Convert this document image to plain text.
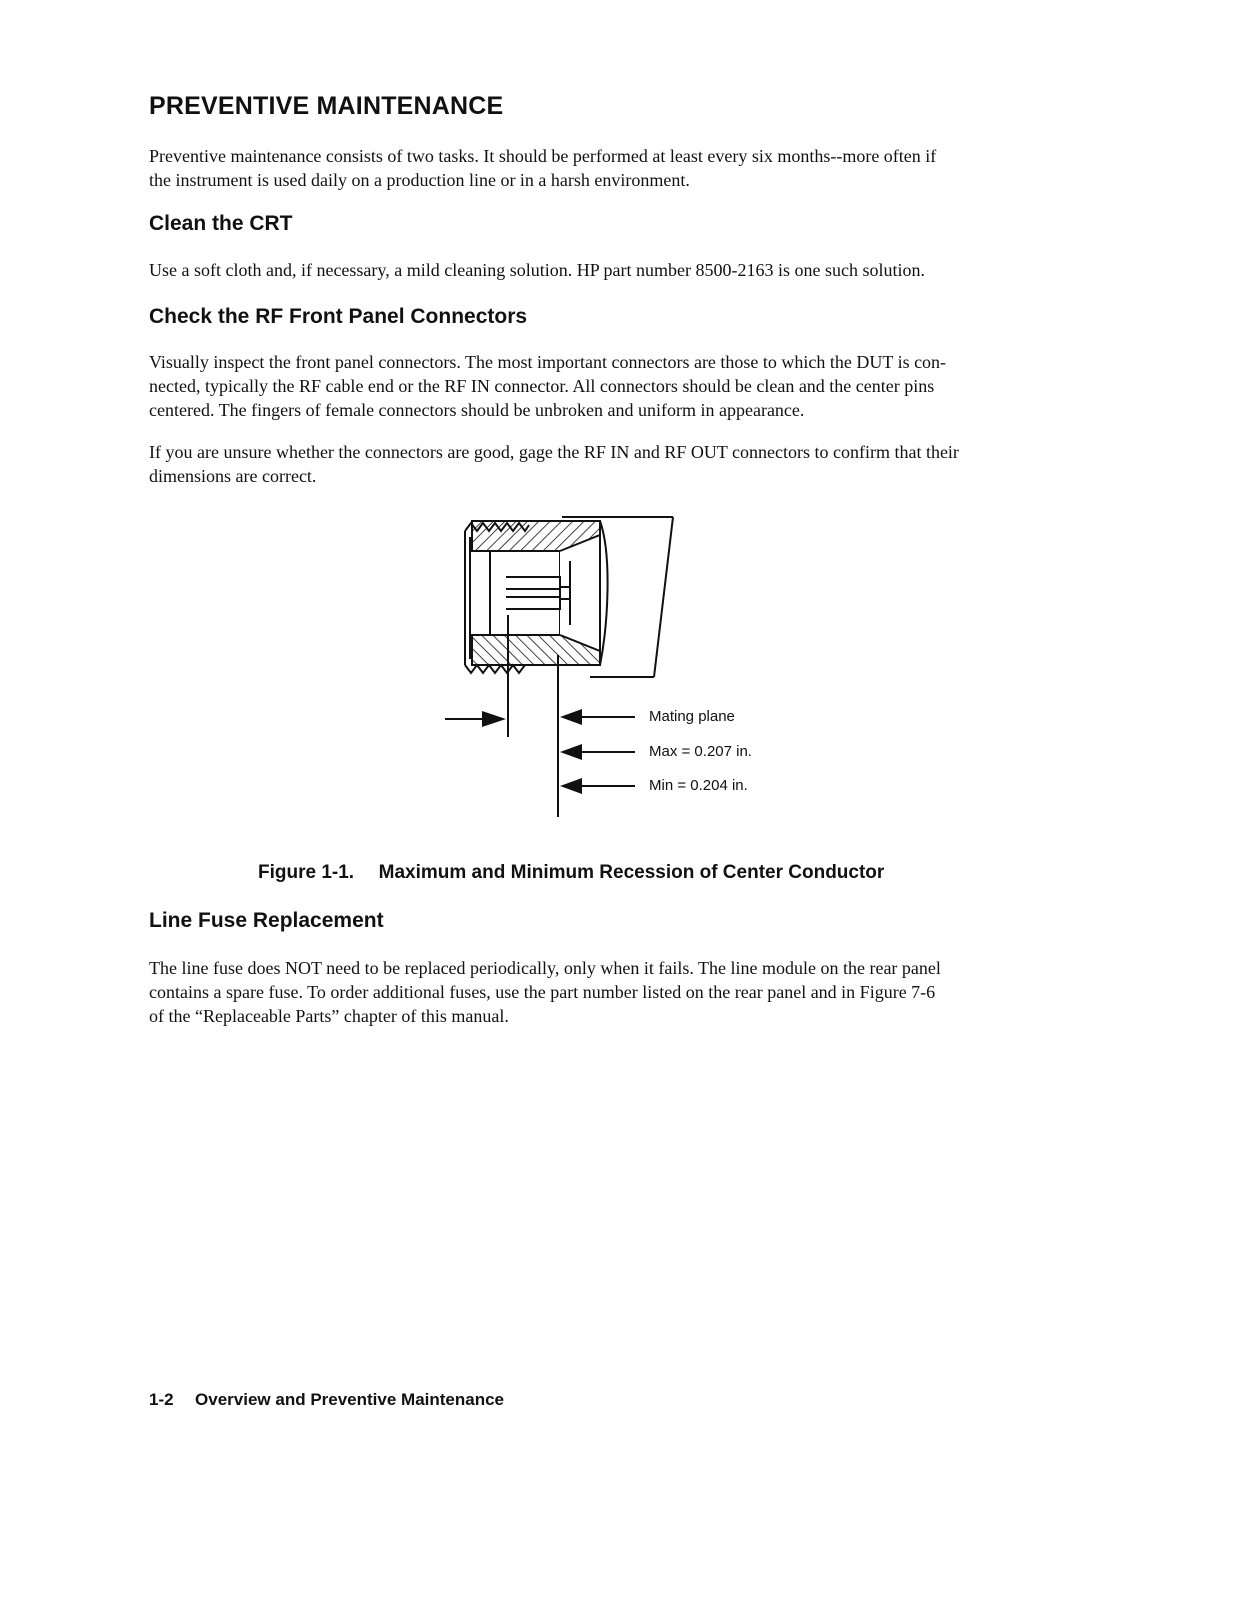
PREVENTIVE MAINTENANCE

Preventive maintenance consists of two tasks. It should be performed at least every six months--more often if

the instrument is used daily on a production line or in a harsh environment.

Clean the CRT

Use a soft cloth and, if necessary, a mild cleaning solution. HP part number 8500-2163 is one such solution.

Check the RF Front Panel Connectors

Visually inspect the front panel connectors. The most important connectors are those to which the DUT is con-

nected, typically the RF cable end or the RF IN connector. All connectors should be clean and the center pins

centered. The fingers of female connectors should be unbroken and uniform in appearance.

If you are unsure whether the connectors are good, gage the RF IN and RF OUT connectors to confirm that their

dimensions are correct.

Mating plane
Max = 0.207 in.
Min = 0.204 in.
Figure 1-1. Maximum and Minimum Recession of Center Conductor
Line Fuse Replacement

The line fuse does NOT need to be replaced periodically, only when it fails. The line module on the rear panel

contains a spare fuse. To order additional fuses, use the part number listed on the rear panel and in Figure 7-6

of the “Replaceable Parts” chapter of this manual.

1-2 Overview and Preventive Maintenance
